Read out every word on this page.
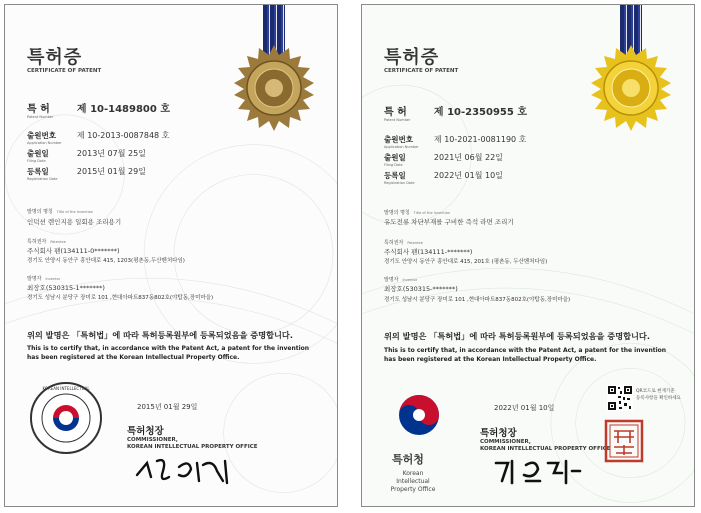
특허증
CERTIFICATE OF PATENT
특 허
Patent Number
제 10-1489800 호
출원번호
Application Number
제 10-2013-0087848 호
출원일
Filing Date
2013년 07월 25일
등록일
Registration Date
2015년 01월 29일
발명의 명칭 Title of the Invention
인덕션 렌인지용 일회용 조리용기
특허권자 Patentee
주식회사 팬(134111-0*******)
경기도 안양시 동안구 흥안대로 415, 1203(평촌동,두산벤처다임)
발명자 Inventor
최장호(530315-1*******)
경기도 성남시 분당구 장미로 101 ,현대아파트837동802호(야탑동,장미마을)
위의 발명은 「특허법」에 따라 특허등록원부에 등록되었음을 증명합니다.
This is to certify that, in accordance with the Patent Act, a patent for the invention
has been registered at the Korean Intellectual Property Office.
KOREAN INTELLECTUAL
2015년 01월 29일
특허청장
COMMISSIONER,
KOREAN INTELLECTUAL PROPERTY OFFICE
특허증
CERTIFICATE OF PATENT
특 허
Patent Number
제 10-2350955 호
출원번호
Application Number
제 10-2021-0081190 호
출원일
Filing Date
2021년 06월 22일
등록일
Registration Date
2022년 01월 10일
발명의 명칭 Title of the Invention
유도전류 차단부재를 구비한 즉석 라면 조리기
특허권자 Patentee
주식회사 팬(134111-*******)
경기도 안양시 동안구 흥안대로 415, 201호 (평촌동, 두산벤처다임)
발명자 Inventor
최장호(530315-*******)
경기도 성남시 분당구 장미로 101 ,현대아파트837동802호(야탑동,장미마을)
위의 발명은 「특허법」에 따라 특허등록원부에 등록되었음을 증명합니다.
This is to certify that, in accordance with the Patent Act, a patent for the invention
has been registered at the Korean Intellectual Property Office.
특허청
Korean Intellectual
Property Office
2022년 01월 10일
특허청장
COMMISSIONER,
KOREAN INTELLECTUAL PROPERTY OFFICE
QR코드로 현재기준
등록사항을 확인하세요
